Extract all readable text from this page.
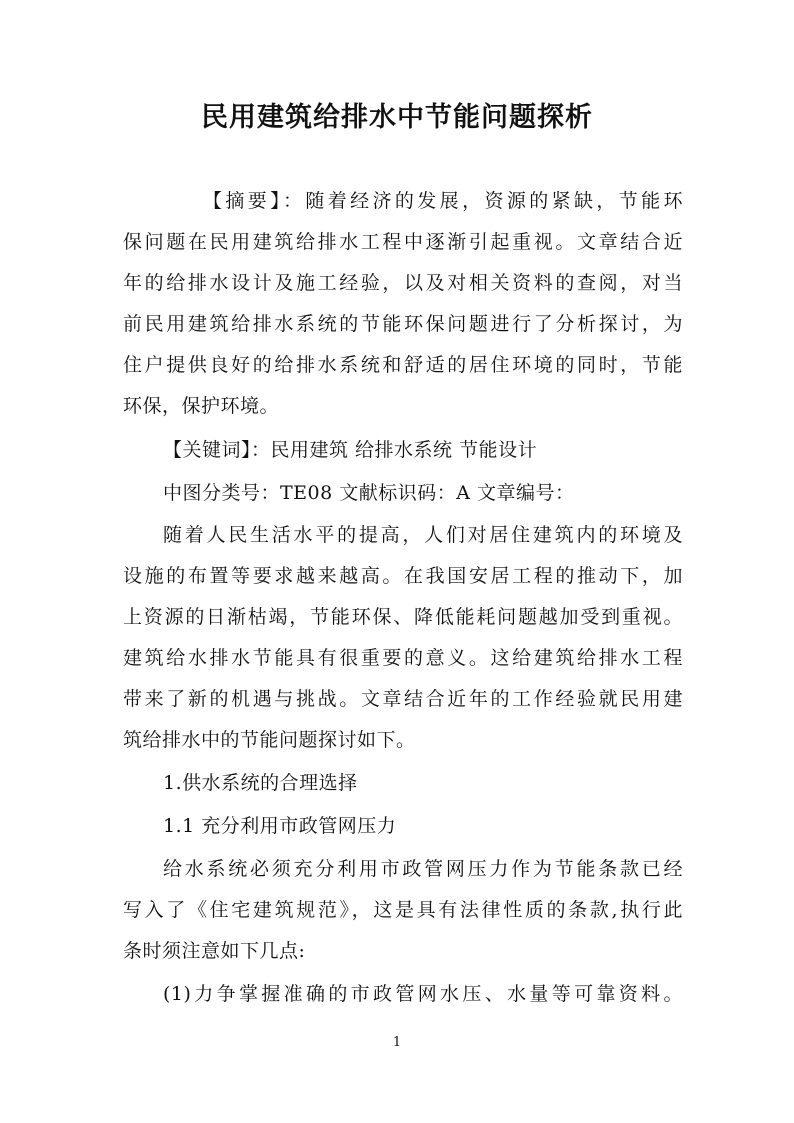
民用建筑给排水中节能问题探析
【摘要】：随着经济的发展，资源的紧缺，节能环
保问题在民用建筑给排水工程中逐渐引起重视。文章结合近
年的给排水设计及施工经验，以及对相关资料的查阅，对当
前民用建筑给排水系统的节能环保问题进行了分析探讨，为
住户提供良好的给排水系统和舒适的居住环境的同时，节能
环保，保护环境。
【关键词】：民用建筑 给排水系统 节能设计
中图分类号：TE08 文献标识码：A 文章编号：
随着人民生活水平的提高，人们对居住建筑内的环境及
设施的布置等要求越来越高。在我国安居工程的推动下，加
上资源的日渐枯竭，节能环保、降低能耗问题越加受到重视。
建筑给水排水节能具有很重要的意义。这给建筑给排水工程
带来了新的机遇与挑战。文章结合近年的工作经验就民用建
筑给排水中的节能问题探讨如下。
1.供水系统的合理选择
1.1 充分利用市政管网压力
给水系统必须充分利用市政管网压力作为节能条款已经
写入了《住宅建筑规范》，这是具有法律性质的条款,执行此
条时须注意如下几点:
(1)力争掌握准确的市政管网水压、水量等可靠资料。
1
